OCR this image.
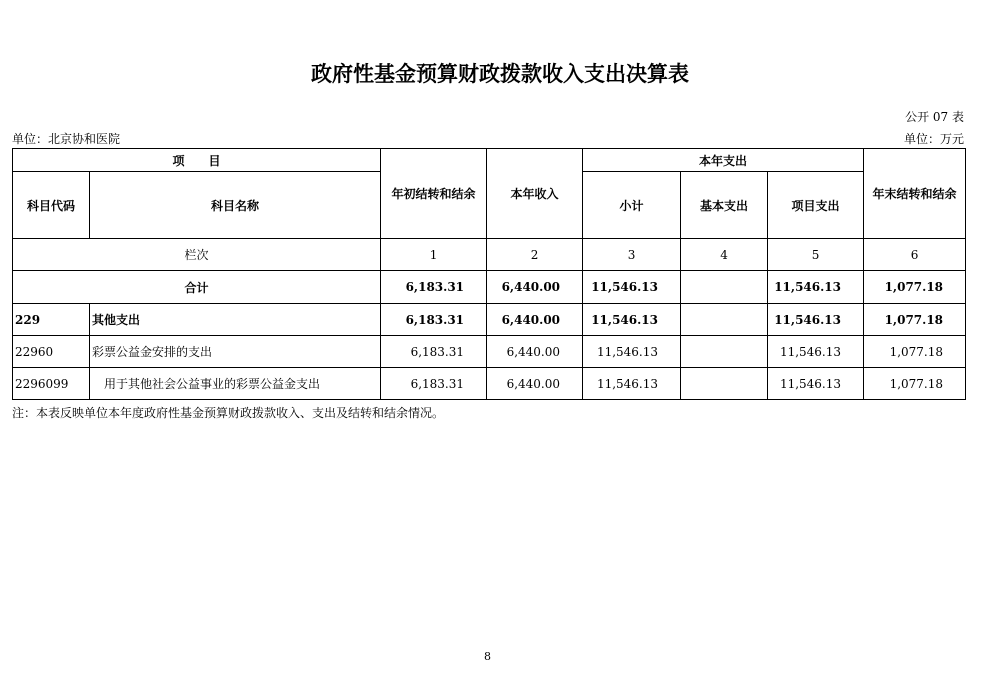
政府性基金预算财政拨款收入支出决算表
公开 07 表
单位：北京协和医院	单位：万元
项　　目		年初结转和结余	本年收入	本年支出			年末结转和结余
科目代码	科目名称			小计	基本支出	项目支出	
栏次		1	2	3	4	5	6
合计		6,183.31	6,440.00	11,546.13		11,546.13	1,077.18
229	其他支出	6,183.31	6,440.00	11,546.13		11,546.13	1,077.18
22960	彩票公益金安排的支出	6,183.31	6,440.00	11,546.13		11,546.13	1,077.18
2296099	用于其他社会公益事业的彩票公益金支出	6,183.31	6,440.00	11,546.13		11,546.13	1,077.18
注：本表反映单位本年度政府性基金预算财政拨款收入、支出及结转和结余情况。
8
